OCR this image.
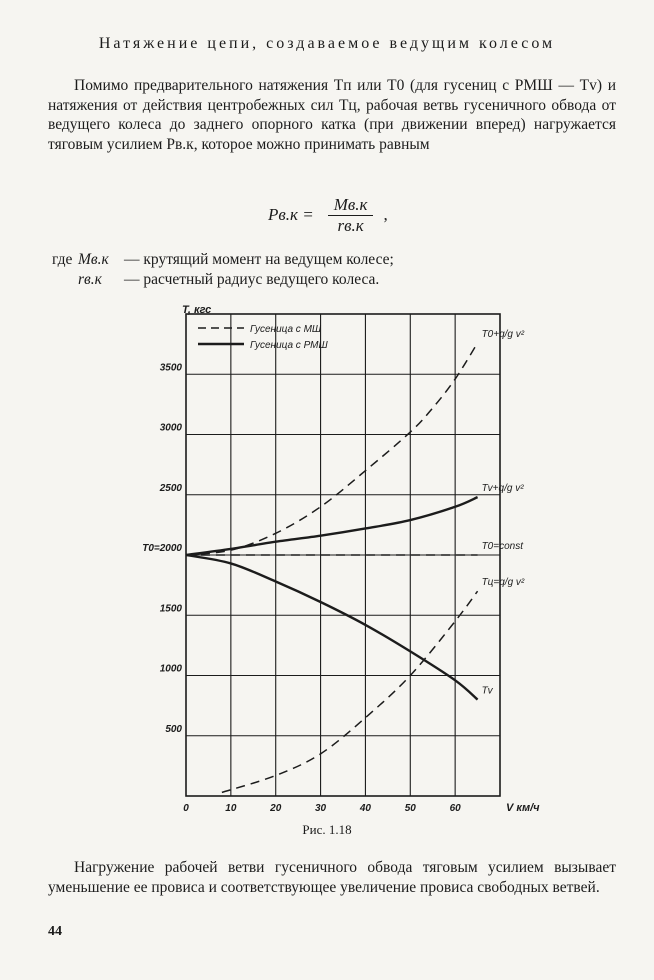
Натяжение цепи, создаваемое ведущим колесом

Помимо предварительного натяжения Tп или T0 (для гусениц с РМШ — Tv) и натяжения от действия центробежных сил Tц, рабочая ветвь гусеничного обвода от ведущего колеса до заднего опорного катка (при движении вперед) нагружается тяговым усилием Pв.к, которое можно принимать равным

$Pв.к = \frac{Mв.к}{rв.к}$ ,
где Mв.к — крутящий момент на ведущем колесе;
rв.к	— расчетный радиус ведущего колеса.
500
1000
1500
T0=2000
2500
3000
3500
0	10	20	30	40	50	60
T0+q/g v²
Tv+q/g v²
T0=const
Tц=q/g v²
Tv
Гусеница с МШ
Гусеница с РМШ
T, кгс
V км/ч
Рис. 1.18

Нагружение рабочей ветви гусеничного обвода тяговым усилием вызывает уменьшение ее провиса и соответствующее увеличение провиса свободных ветвей.

44
